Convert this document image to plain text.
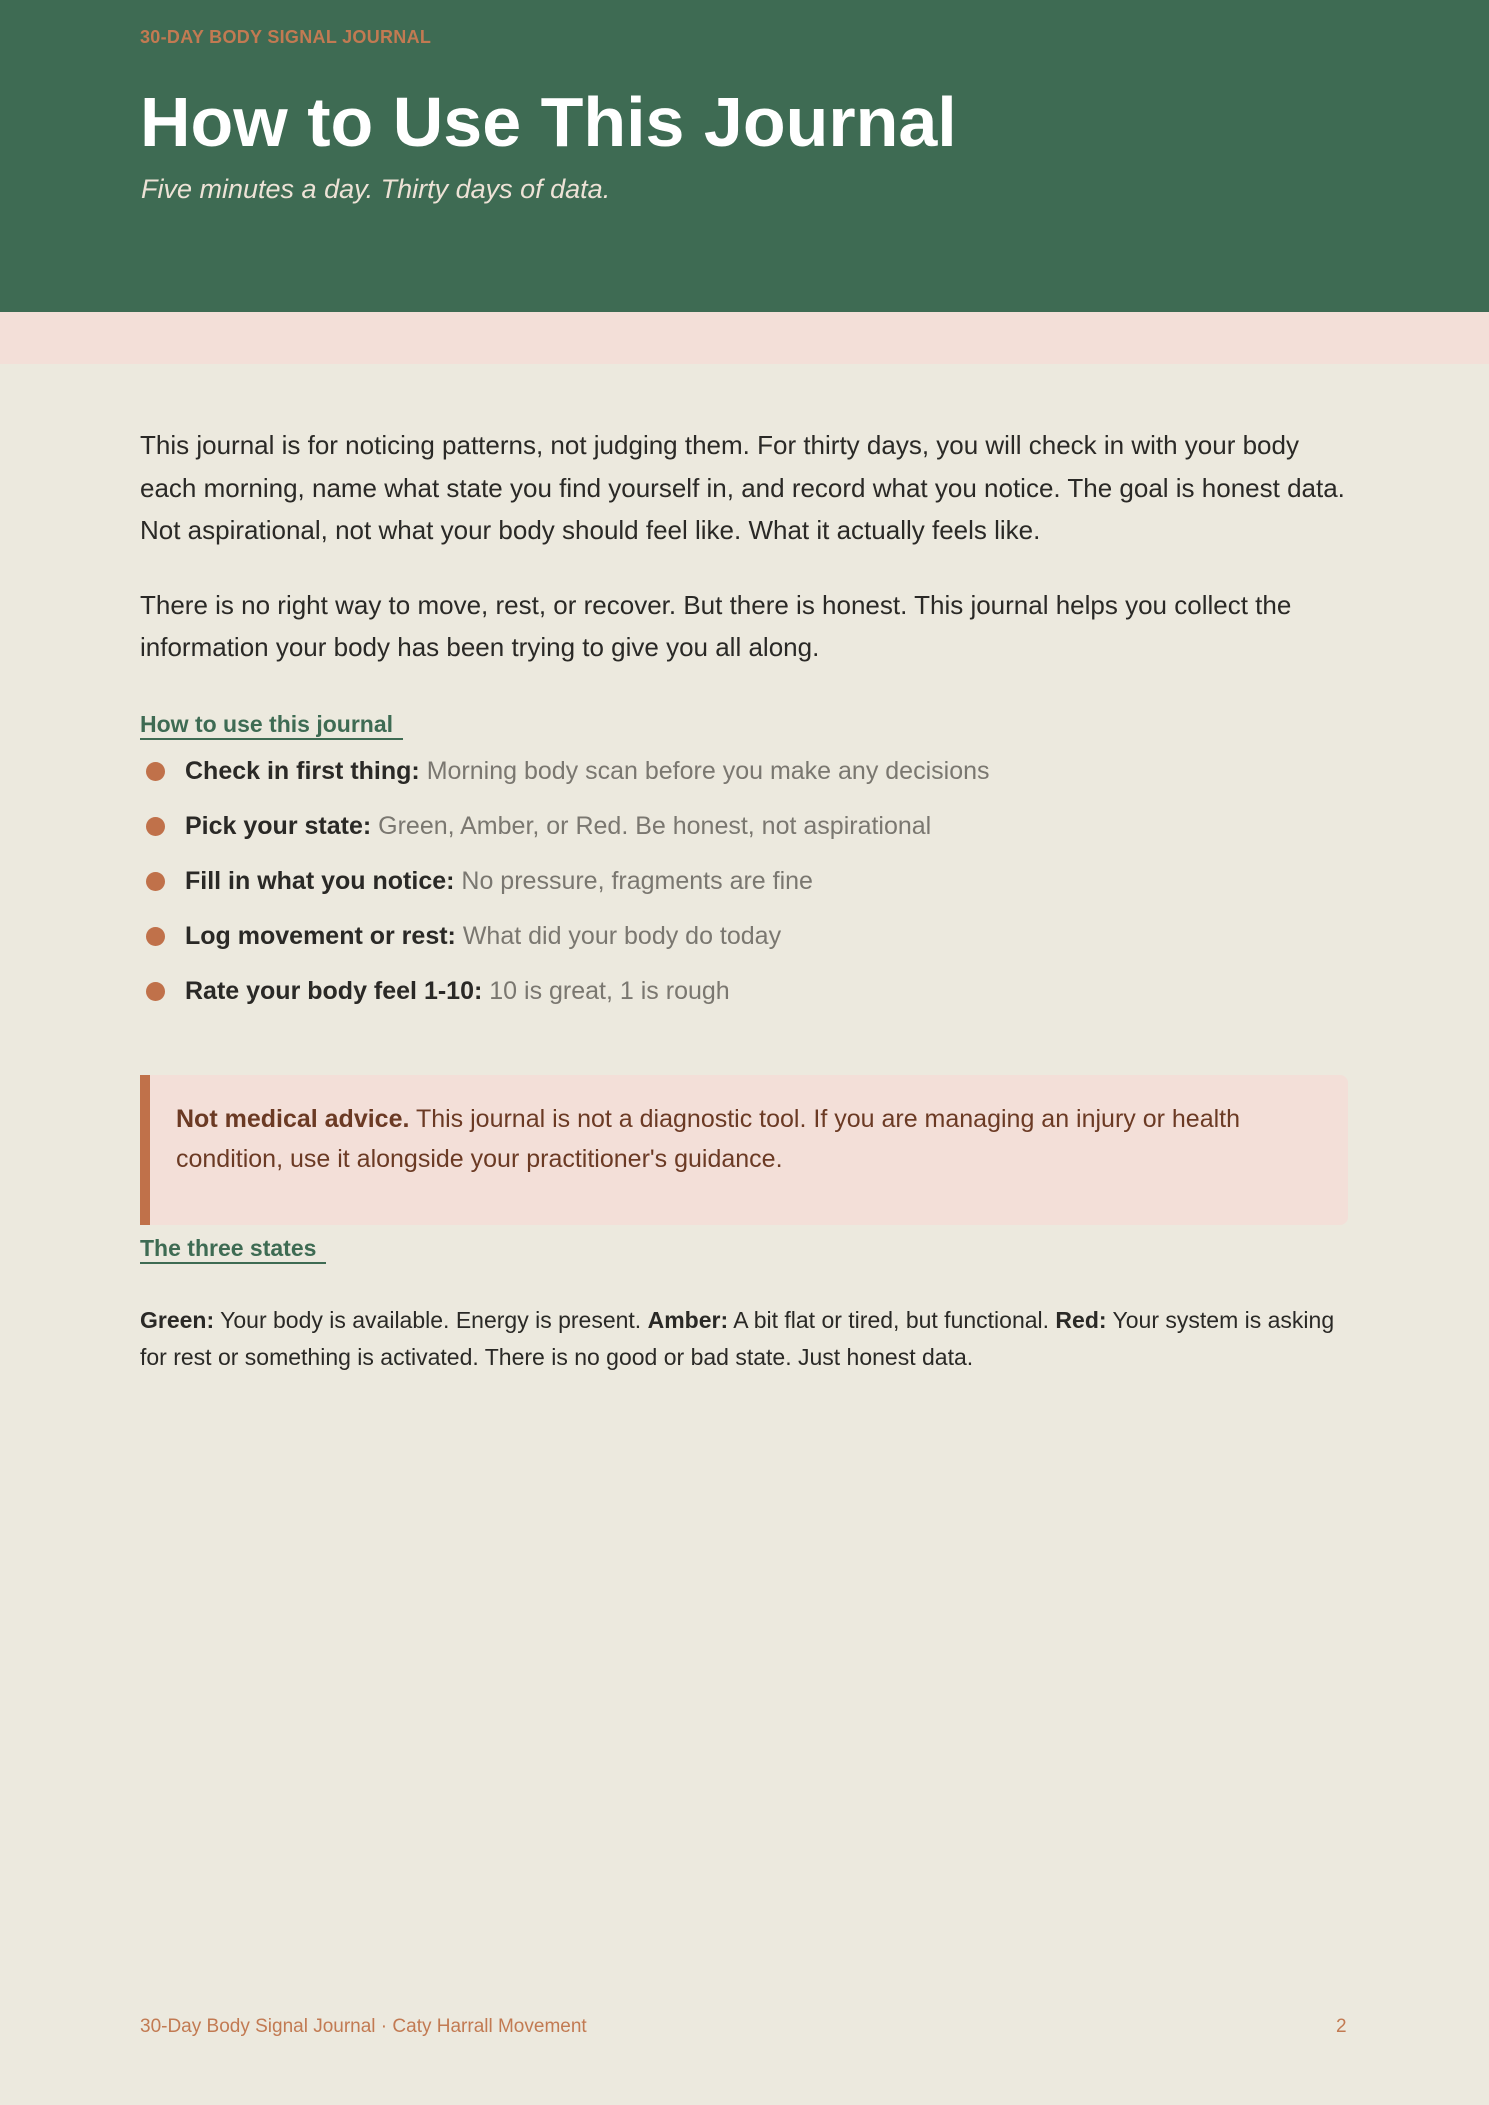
30-DAY BODY SIGNAL JOURNAL
How to Use This Journal
Five minutes a day. Thirty days of data.

This journal is for noticing patterns, not judging them. For thirty days, you will check in with your body each morning, name what state you find yourself in, and record what you notice. The goal is honest data. Not aspirational, not what your body should feel like. What it actually feels like.

There is no right way to move, rest, or recover. But there is honest. This journal helps you collect the information your body has been trying to give you all along.

How to use this journal
Check in first thing: Morning body scan before you make any decisions
Pick your state: Green, Amber, or Red. Be honest, not aspirational
Fill in what you notice: No pressure, fragments are fine
Log movement or rest: What did your body do today
Rate your body feel 1-10: 10 is great, 1 is rough
Not medical advice. This journal is not a diagnostic tool. If you are managing an injury or health condition, use it alongside your practitioner's guidance.
The three states

Green: Your body is available. Energy is present. Amber: A bit flat or tired, but functional. Red: Your system is asking for rest or something is activated. There is no good or bad state. Just honest data.

30-Day Body Signal Journal · Caty Harrall Movement	2
